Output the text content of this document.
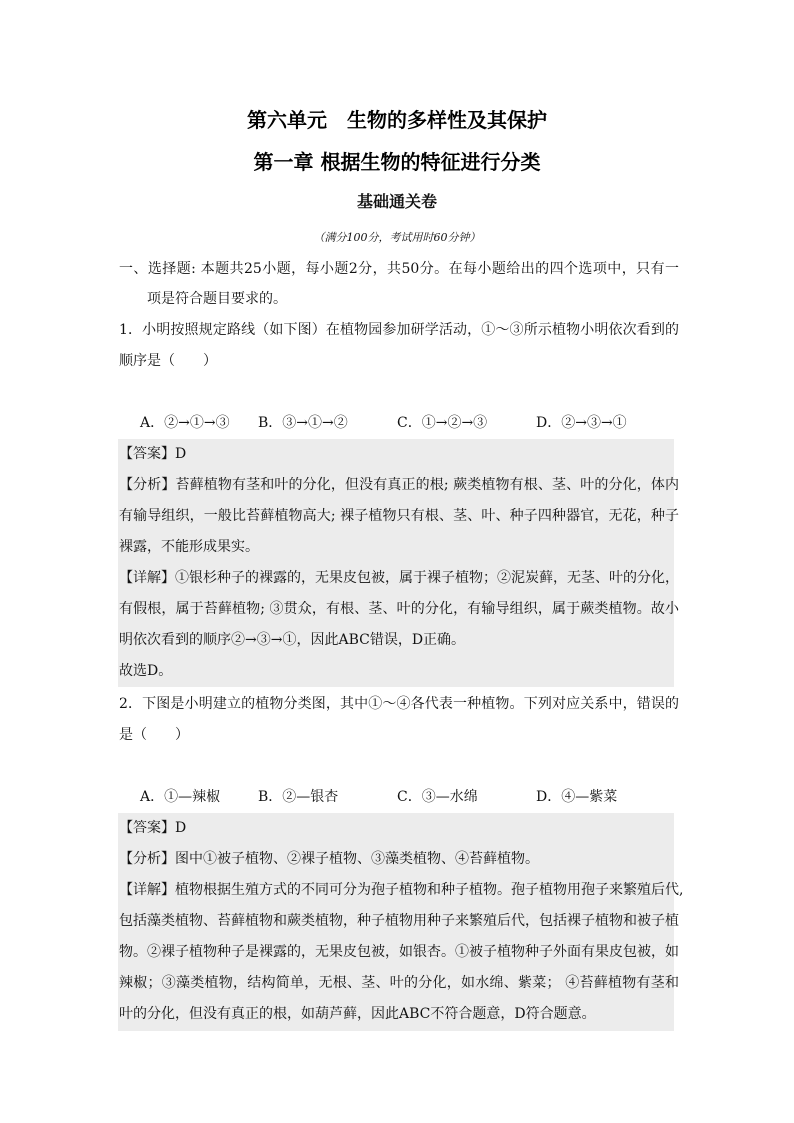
第六单元　生物的多样性及其保护
第一章 根据生物的特征进行分类
基础通关卷
（满分100分，考试用时60分钟）
一、选择题: 本题共25小题，每小题2分，共50分。在每小题给出的四个选项中，只有一
项是符合题目要求的。
1．小明按照规定路线（如下图）在植物园参加研学活动，①～③所示植物小明依次看到的
顺序是（　　）
A．②→①→③ B．③→①→②	C．①→②→③	D．②→③→①
【答案】D
【分析】苔藓植物有茎和叶的分化，但没有真正的根; 蕨类植物有根、茎、叶的分化，体内
有输导组织，一般比苔藓植物高大; 裸子植物只有根、茎、叶、种子四种器官，无花，种子
裸露，不能形成果实。
【详解】①银杉种子的裸露的，无果皮包被，属于裸子植物；②泥炭藓，无茎、叶的分化，
有假根，属于苔藓植物; ③贯众，有根、茎、叶的分化，有输导组织，属于蕨类植物。故小
明依次看到的顺序②→③→①，因此ABC错误，D正确。
故选D。
2．下图是小明建立的植物分类图，其中①～④各代表一种植物。下列对应关系中，错误的
是（　　）
A．①—辣椒	B．②—银杏	C．③—水绵	D．④—紫菜
【答案】D
【分析】图中①被子植物、②裸子植物、③藻类植物、④苔藓植物。
【详解】植物根据生殖方式的不同可分为孢子植物和种子植物。孢子植物用孢子来繁殖后代,
包括藻类植物、苔藓植物和蕨类植物，种子植物用种子来繁殖后代，包括裸子植物和被子植
物。②裸子植物种子是裸露的，无果皮包被，如银杏。①被子植物种子外面有果皮包被，如
辣椒；③藻类植物，结构简单，无根、茎、叶的分化，如水绵、紫菜； ④苔藓植物有茎和
叶的分化，但没有真正的根，如葫芦藓，因此ABC不符合题意，D符合题意。
